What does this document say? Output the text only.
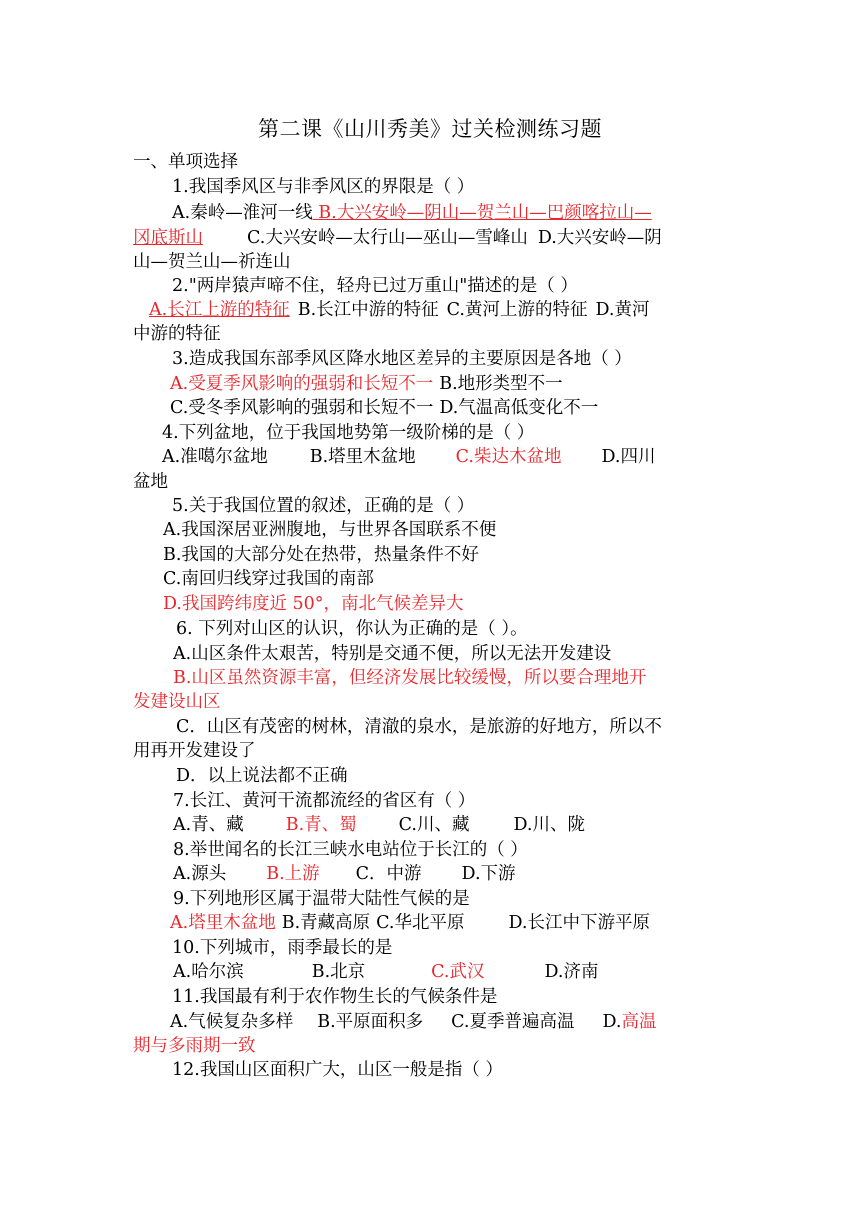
第二课《山川秀美》过关检测练习题
一、单项选择
1.我国季风区与非季风区的界限是（ ）
A.秦岭—淮河一线 B.大兴安岭—阴山—贺兰山—巴颜喀拉山—
冈底斯山	C.大兴安岭—太行山—巫山—雪峰山 D.大兴安岭—阴
山—贺兰山—祈连山
2."两岸猿声啼不住，轻舟已过万重山"描述的是（ ）
A.长江上游的特征 B.长江中游的特征 C.黄河上游的特征 D.黄河
中游的特征
3.造成我国东部季风区降水地区差异的主要原因是各地（ ）
A.受夏季风影响的强弱和长短不一 B.地形类型不一
C.受冬季风影响的强弱和长短不一 D.气温高低变化不一
4.下列盆地，位于我国地势第一级阶梯的是（ ）
A.准噶尔盆地 B.塔里木盆地 C.柴达木盆地 D.四川
盆地
5.关于我国位置的叙述，正确的是（ ）
A.我国深居亚洲腹地，与世界各国联系不便
B.我国的大部分处在热带，热量条件不好
C.南回归线穿过我国的南部
D.我国跨纬度近 50°，南北气候差异大
6. 下列对山区的认识，你认为正确的是（ ）。
A.山区条件太艰苦，特别是交通不便，所以无法开发建设
B.山区虽然资源丰富，但经济发展比较缓慢，所以要合理地开
发建设山区
C．山区有茂密的树林，清澈的泉水，是旅游的好地方，所以不
用再开发建设了
D．以上说法都不正确
7.长江、黄河干流都流经的省区有（ ）
A.青、藏 B.青、蜀 C.川、藏	D.川、陇
8.举世闻名的长江三峡水电站位于长江的（ ）
A.源头 B.上游 C．中游 D.下游
9.下列地形区属于温带大陆性气候的是
A.塔里木盆地 B.青藏高原 C.华北平原	D.长江中下游平原
10.下列城市，雨季最长的是
A.哈尔滨	B.北京	C.武汉	D.济南
11.我国最有利于农作物生长的气候条件是
A.气候复杂多样 B.平原面积多 C.夏季普遍高温 D.高温
期与多雨期一致
12.我国山区面积广大，山区一般是指（ ）
